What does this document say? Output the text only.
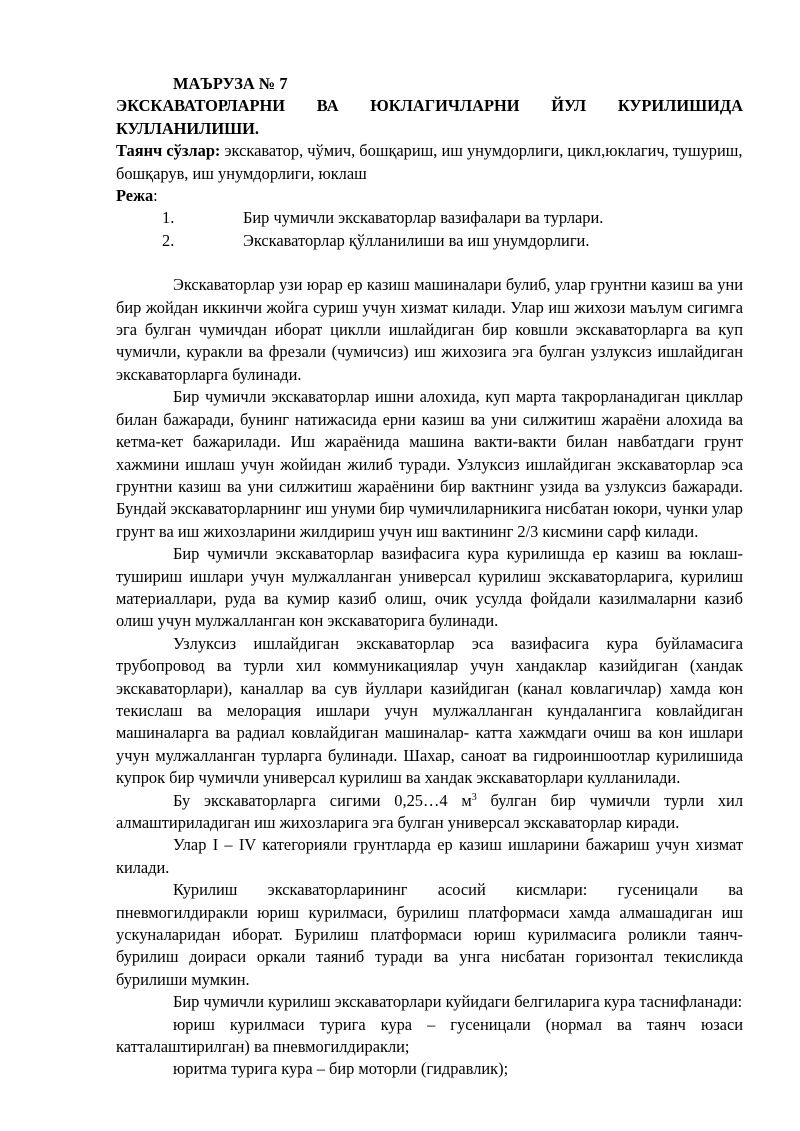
МАЪРУЗА № 7

ЭКСКАВАТОРЛАРНИ ВА ЮКЛАГИЧЛАРНИ ЙУЛ КУРИЛИШИДА

КУЛЛАНИЛИШИ.

Таянч сўзлар: экскаватор, чўмич, бошқариш, иш унумдорлиги, цикл,юклагич, тушуриш, бошқарув, иш унумдорлиги, юклаш

Режа:

1.	Бир чумичли экскаваторлар вазифалари ва турлари.
2.	Экскаваторлар қўлланилиши ва иш унумдорлиги.

Экскаваторлар узи юрар ер казиш машиналари булиб, улар грунтни казиш ва уни бир жойдан иккинчи жойга суриш учун хизмат килади. Улар иш жихози маълум сигимга эга булган чумичдан иборат циклли ишлайдиган бир ковшли экскаваторларга ва куп чумичли, куракли ва фрезали (чумичсиз) иш жихозига эга булган узлуксиз ишлайдиган экскаваторларга булинади.

Бир чумичли экскаваторлар ишни алохида, куп марта такрорланадиган цикллар билан бажаради, бунинг натижасида ерни казиш ва уни силжитиш жараёни алохида ва кетма-кет бажарилади. Иш жараёнида машина вакти-вакти билан навбатдаги грунт хажмини ишлаш учун жойидан жилиб туради. Узлуксиз ишлайдиган экскаваторлар эса грунтни казиш ва уни силжитиш жараёнини бир вактнинг узида ва узлуксиз бажаради. Бундай экскаваторларнинг иш унуми бир чумичлиларникига нисбатан юкори, чунки улар грунт ва иш жихозларини жилдириш учун иш вактининг 2/3 кисмини сарф килади.

Бир чумичли экскаваторлар вазифасига кура курилишда ер казиш ва юклаш-тушириш ишлари учун мулжалланган универсал курилиш экскаваторларига, курилиш материаллари, руда ва кумир казиб олиш, очик усулда фойдали казилмаларни казиб олиш учун мулжалланган кон экскаваторига булинади.

Узлуксиз ишлайдиган экскаваторлар эса вазифасига кура буйламасига трубопровод ва турли хил коммуникациялар учун хандаклар казийдиган (хандак экскаваторлари), каналлар ва сув йуллари казийдиган (канал ковлагичлар) хамда кон текислаш ва мелорация ишлари учун мулжалланган кундалангига ковлайдиган машиналарга ва радиал ковлайдиган машиналар- катта хажмдаги очиш ва кон ишлари учун мулжалланган турларга булинади. Шахар, саноат ва гидроиншоотлар курилишида купрок бир чумичли универсал курилиш ва хандак экскаваторлари кулланилади.

Бу экскаваторларга сигими 0,25…4 $м^3$ булган бир чумичли турли хил алмаштириладиган иш жихозларига эга булган универсал экскаваторлар киради.

Улар I – IV категорияли грунтларда ер казиш ишларини бажариш учун хизмат килади.

Курилиш экскаваторларининг асосий кисмлари: гусеницали ва пневмогилдиракли юриш курилмаси, бурилиш платформаси хамда алмашадиган иш ускуналаридан иборат. Бурилиш платформаси юриш курилмасига роликли таянч-бурилиш доираси оркали таяниб туради ва унга нисбатан горизонтал текисликда бурилиши мумкин.

Бир чумичли курилиш экскаваторлари куйидаги белгиларига кура таснифланади:

юриш курилмаси турига кура – гусеницали (нормал ва таянч юзаси катталаштирилган) ва пневмогилдиракли;

юритма турига кура – бир моторли (гидравлик);
